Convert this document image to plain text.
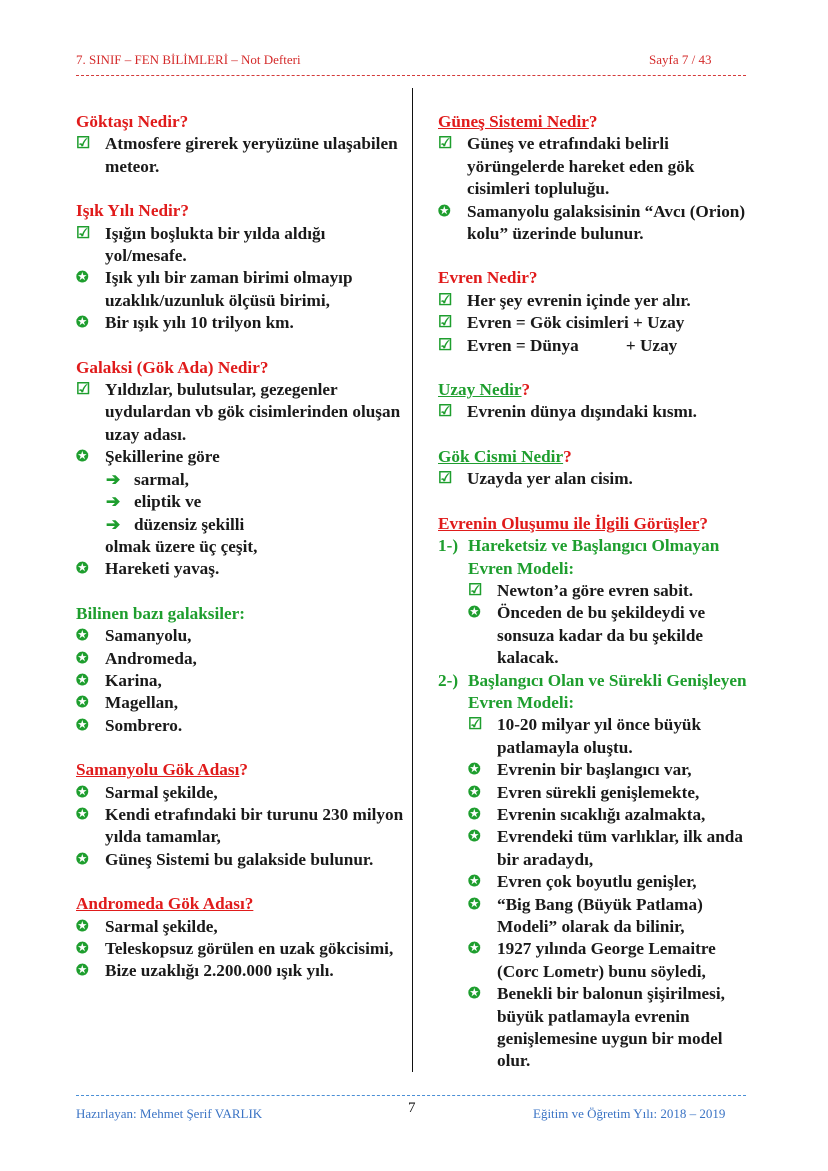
7. SINIF – FEN BİLİMLERİ – Not Defteri	Sayfa 7 / 43
Göktaşı Nedir?
☑ Atmosfere girerek yeryüzüne ulaşabilen meteor.
Işık Yılı Nedir?
☑ Işığın boşlukta bir yılda aldığı yol/mesafe.
✪ Işık yılı bir zaman birimi olmayıp uzaklık/uzunluk ölçüsü birimi,
✪ Bir ışık yılı 10 trilyon km.
Galaksi (Gök Ada) Nedir?
☑ Yıldızlar, bulutsular, gezegenler uydulardan vb gök cisimlerinden oluşan uzay adası.
✪ Şekillerine göre
➔ sarmal,
➔ eliptik ve
➔ düzensiz şekilli
olmak üzere üç çeşit,
✪ Hareketi yavaş.
Bilinen bazı galaksiler:
✪ Samanyolu,
✪ Andromeda,
✪ Karina,
✪ Magellan,
✪ Sombrero.
Samanyolu Gök Adası?
✪ Sarmal şekilde,
✪ Kendi etrafındaki bir turunu 230 milyon yılda tamamlar,
✪ Güneş Sistemi bu galakside bulunur.
Andromeda Gök Adası?
✪ Sarmal şekilde,
✪ Teleskopsuz görülen en uzak gökcisimi,
✪ Bize uzaklığı 2.200.000 ışık yılı.
Güneş Sistemi Nedir?
☑ Güneş ve etrafındaki belirli yörüngelerde hareket eden gök cisimleri topluluğu.
✪ Samanyolu galaksisinin “Avcı (Orion) kolu” üzerinde bulunur.
Evren Nedir?
☑ Her şey evrenin içinde yer alır.
☑ Evren = Gök cisimleri + Uzay
☑ Evren = Dünya           + Uzay
Uzay Nedir?
☑ Evrenin dünya dışındaki kısmı.
Gök Cismi Nedir?
☑ Uzayda yer alan cisim.
Evrenin Oluşumu ile İlgili Görüşler?
1-) Hareketsiz ve Başlangıcı Olmayan Evren Modeli:
☑ Newton’a göre evren sabit.
✪ Önceden de bu şekildeydi ve sonsuza kadar da bu şekilde kalacak.
2-) Başlangıcı Olan ve Sürekli Genişleyen Evren Modeli:
☑ 10-20 milyar yıl önce büyük patlamayla oluştu.
✪ Evrenin bir başlangıcı var,
✪ Evren sürekli genişlemekte,
✪ Evrenin sıcaklığı azalmakta,
✪ Evrendeki tüm varlıklar, ilk anda bir aradaydı,
✪ Evren çok boyutlu genişler,
✪ “Big Bang (Büyük Patlama) Modeli” olarak da bilinir,
✪ 1927 yılında George Lemaitre (Corc Lometr) bunu söyledi,
✪ Benekli bir balonun şişirilmesi, büyük patlamayla evrenin genişlemesine uygun bir model olur.
Hazırlayan: Mehmet Şerif VARLIK	7	Eğitim ve Öğretim Yılı: 2018 – 2019
